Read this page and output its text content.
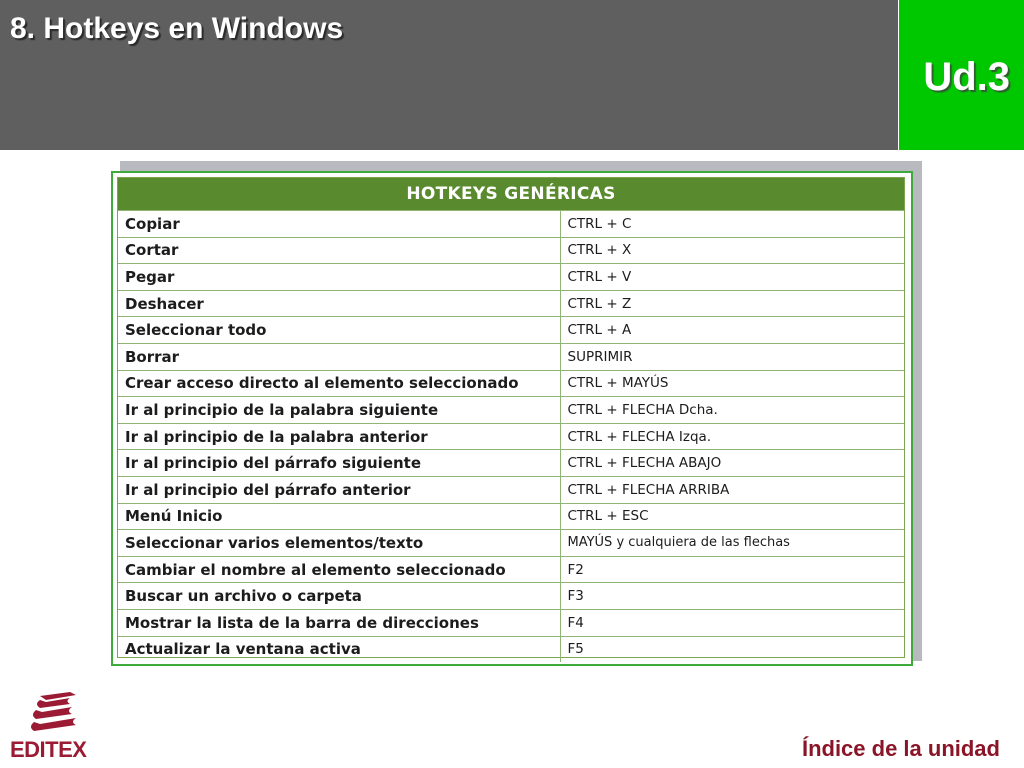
8. Hotkeys en Windows
Ud.3
HOTKEYS GENÉRICAS	
Copiar	CTRL + C
Cortar	CTRL + X
Pegar	CTRL + V
Deshacer	CTRL + Z
Seleccionar todo	CTRL + A
Borrar	SUPRIMIR
Crear acceso directo al elemento seleccionado	CTRL + MAYÚS
Ir al principio de la palabra siguiente	CTRL + FLECHA Dcha.
Ir al principio de la palabra anterior	CTRL + FLECHA Izqa.
Ir al principio del párrafo siguiente	CTRL + FLECHA ABAJO
Ir al principio del párrafo anterior	CTRL + FLECHA ARRIBA
Menú Inicio	CTRL + ESC
Seleccionar varios elementos/texto	MAYÚS y cualquiera de las flechas
Cambiar el nombre al elemento seleccionado	F2
Buscar un archivo o carpeta	F3
Mostrar la lista de la barra de direcciones	F4
Actualizar la ventana activa	F5
EDITEX	Índice de la unidad
